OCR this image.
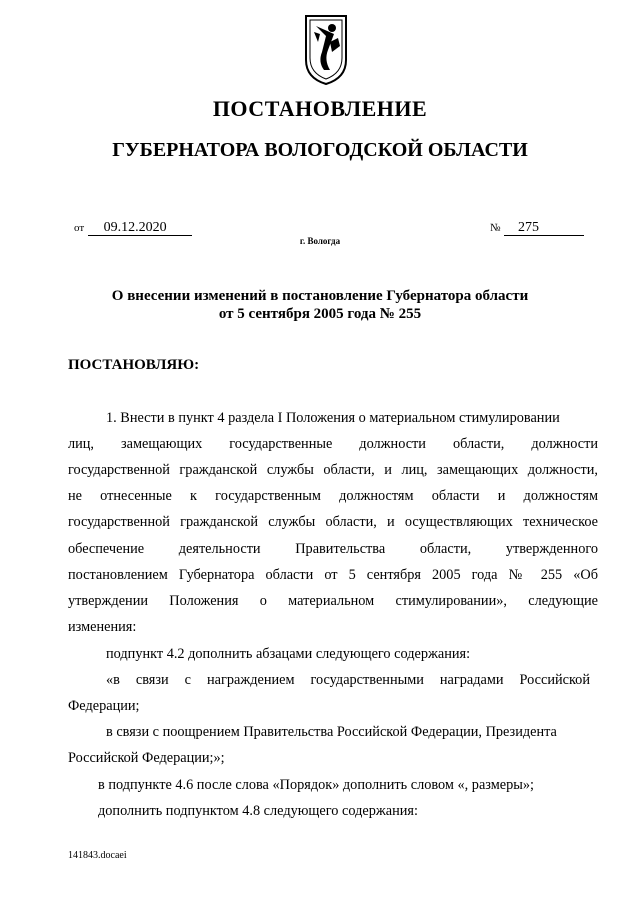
ПОСТАНОВЛЕНИЕ
ГУБЕРНАТОРА ВОЛОГОДСКОЙ ОБЛАСТИ
от 09.12.2020	№ 275
г. Вологда
О внесении изменений в постановление Губернатора области
от 5 сентября 2005 года № 255
ПОСТАНОВЛЯЮ:
1. Внести в пункт 4 раздела I Положения о материальном стимулировании
лиц, замещающих государственные должности области, должности
государственной гражданской службы области, и лиц, замещающих должности,
не отнесенные к государственным должностям области и должностям
государственной гражданской службы области, и осуществляющих техническое
обеспечение деятельности Правительства области, утвержденного
постановлением Губернатора области от 5 сентября 2005 года № 255 «Об
утверждении Положения о материальном стимулировании», следующие
изменения:
подпункт 4.2 дополнить абзацами следующего содержания:
«в связи с награждением государственными наградами Российской
Федерации;
в связи с поощрением Правительства Российской Федерации, Президента
Российской Федерации;»;
в подпункте 4.6 после слова «Порядок» дополнить словом «, размеры»;
дополнить подпунктом 4.8 следующего содержания:
141843.docaei
